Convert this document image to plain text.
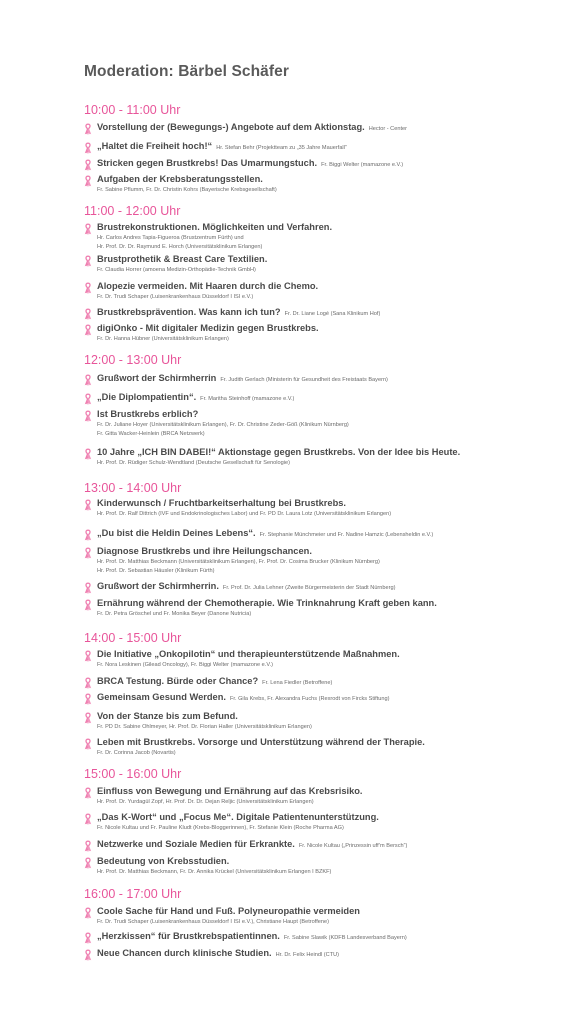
Moderation: Bärbel Schäfer
10:00 - 11:00 Uhr
Vorstellung der (Bewegungs-) Angebote auf dem Aktionstag. Hector - Center
„Haltet die Freiheit hoch!“ Hr. Stefan Behr (Projektteam zu „35 Jahre Mauerfall“
Stricken gegen Brustkrebs! Das Umarmungstuch. Fr. Biggi Welter (mamazone e.V.)
Aufgaben der Krebsberatungsstellen.
Fr. Sabine Pflumm, Fr. Dr. Christin Kohrs (Bayerische Krebsgesellschaft)
11:00 - 12:00 Uhr
Brustrekonstruktionen. Möglichkeiten und Verfahren.
Hr. Carlos Andres Tapia-Figueroa (Brustzentrum Fürth) und
Hr. Prof. Dr. Dr. Raymund E. Horch (Universitätsklinikum Erlangen)
Brustprothetik & Breast Care Textilien.
Fr. Claudia Horrer (amoena Medizin-Orthopädie-Technik GmbH)
Alopezie vermeiden. Mit Haaren durch die Chemo.
Fr. Dr. Trudi Schaper (Luisenkrankenhaus Düsseldorf I ISI e.V.)
Brustkrebsprävention. Was kann ich tun? Fr. Dr. Liane Logé (Sana Klinikum Hof)
digiOnko - Mit digitaler Medizin gegen Brustkrebs.
Fr. Dr. Hanna Hübner (Universitätsklinikum Erlangen)
12:00 - 13:00 Uhr
Grußwort der Schirmherrin Fr. Judith Gerlach (Ministerin für Gesundheit des Freistaats Bayern)
„Die Diplompatientin“. Fr. Maritha Steinhoff (mamazone e.V.)
Ist Brustkrebs erblich?
Fr. Dr. Juliane Hoyer (Universitätsklinikum Erlangen), Fr. Dr. Christine Zeder-Göß (Klinikum Nürnberg)
Fr. Gitta Wacker-Heinlein (BRCA Netzwerk)
10 Jahre „ICH BIN DABEI!“ Aktionstage gegen Brustkrebs. Von der Idee bis Heute.
Hr. Prof. Dr. Rüdiger Schulz-Wendtland (Deutsche Gesellschaft für Senologie)
13:00 - 14:00 Uhr
Kinderwunsch / Fruchtbarkeitserhaltung bei Brustkrebs.
Hr. Prof. Dr. Ralf Dittrich (IVF und Endokrinologisches Labor) und Fr. PD Dr. Laura Lotz (Universitätsklinikum Erlangen)
„Du bist die Heldin Deines Lebens“. Fr. Stephanie Münchmeier und Fr. Nadine Hamzic (Lebensheldin e.V.)
Diagnose Brustkrebs und ihre Heilungschancen.
Hr. Prof. Dr. Matthias Beckmann (Universitätsklinikum Erlangen), Fr. Prof. Dr. Cosima Brucker (Klinikum Nürnberg)
Hr. Prof. Dr. Sebastian Häusler (Klinikum Fürth)
Grußwort der Schirmherrin. Fr. Prof. Dr. Julia Lehner (Zweite Bürgermeisterin der Stadt Nürnberg)
Ernährung während der Chemotherapie. Wie Trinknahrung Kraft geben kann.
Fr. Dr. Petra Gröschel und Fr. Monika Beyer (Danone Nutricia)
14:00 - 15:00 Uhr
Die Initiative „Onkopilotin“ und therapieunterstützende Maßnahmen.
Fr. Nora Leskinen (Gilead Oncology), Fr. Biggi Welter (mamazone e.V.)
BRCA Testung. Bürde oder Chance? Fr. Lena Fiedler (Betroffene)
Gemeinsam Gesund Werden. Fr. Gila Krebs, Fr. Alexandra Fuchs (Rexrodt von Fircks Stiftung)
Von der Stanze bis zum Befund.
Fr. PD Dr. Sabine Ohlmeyer, Hr. Prof. Dr. Florian Haller (Universitätsklinikum Erlangen)
Leben mit Brustkrebs. Vorsorge und Unterstützung während der Therapie.
Fr. Dr. Corinna Jacob (Novartis)
15:00 - 16:00 Uhr
Einfluss von Bewegung und Ernährung auf das Krebsrisiko.
Hr. Prof. Dr. Yurdagül Zopf, Hr. Prof. Dr. Dr. Dejan Reljic (Universitätsklinikum Erlangen)
„Das K-Wort“ und „Focus Me“. Digitale Patientenunterstützung.
Fr. Nicole Kultau und Fr. Pauline Kludt (Krebs-Bloggerinnen), Fr. Stefanie Klein (Roche Pharma AG)
Netzwerke und Soziale Medien für Erkrankte. Fr. Nicole Kultau („Prinzessin uff’m Bersch“)
Bedeutung von Krebsstudien.
Hr. Prof. Dr. Matthias Beckmann, Fr. Dr. Annika Krückel (Universitätsklinikum Erlangen I BZKF)
16:00 - 17:00 Uhr
Coole Sache für Hand und Fuß. Polyneuropathie vermeiden
Fr. Dr. Trudi Schaper (Luisenkrankenhaus Düsseldorf I ISI e.V.), Christiane Haupt (Betroffene)
„Herzkissen“ für Brustkrebspatientinnen. Fr. Sabine Slawik (KDFB Landesverband Bayern)
Neue Chancen durch klinische Studien. Hr. Dr. Felix Heindl (CTU)
